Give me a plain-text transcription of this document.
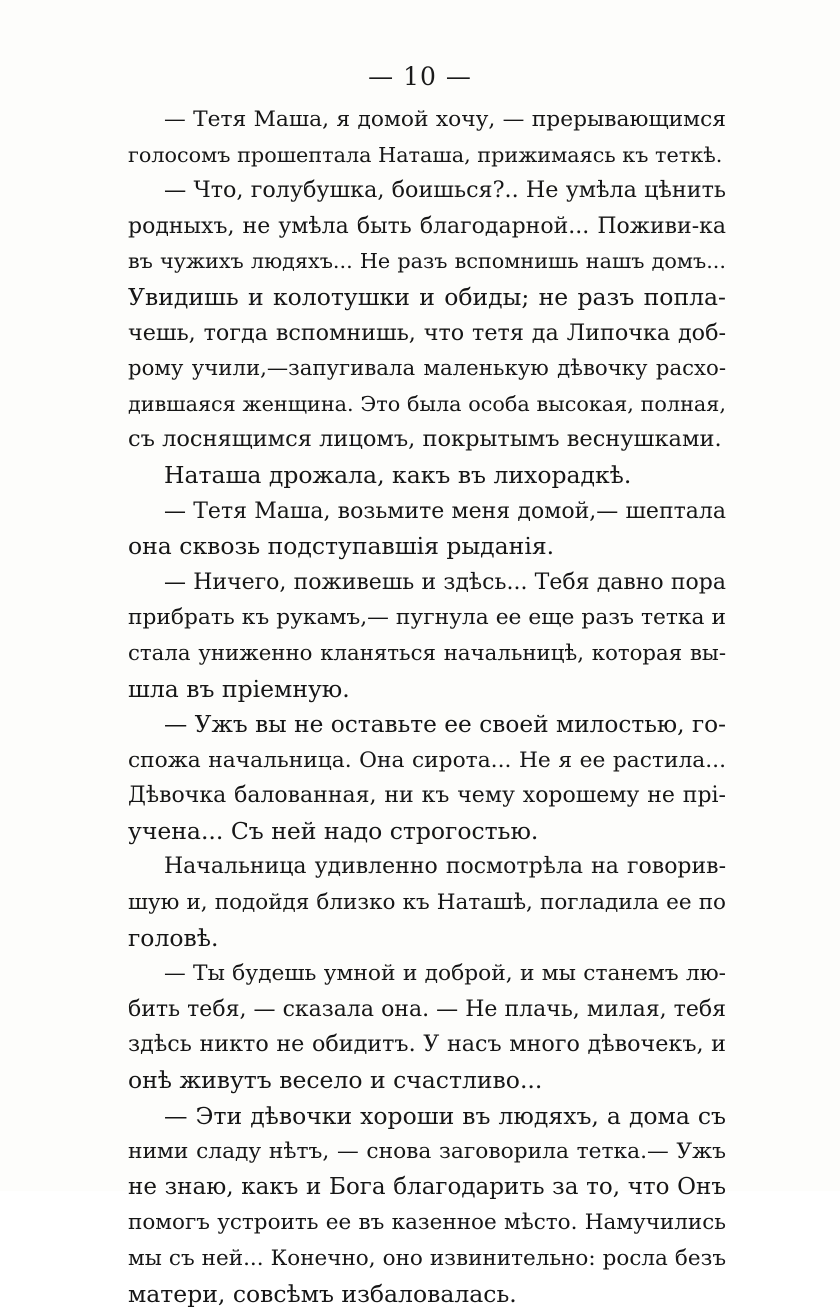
— 10 —
— Тетя Маша, я домой хочу, — прерывающимся
голосомъ прошептала Наташа, прижимаясь къ теткѣ.
— Что, голубушка, боишься?.. Не умѣла цѣнить
родныхъ, не умѣла быть благодарной... Поживи-ка
въ чужихъ людяхъ... Не разъ вспомнишь нашъ домъ...
Увидишь и колотушки и обиды; не разъ попла-
чешь, тогда вспомнишь, что тетя да Липочка доб-
рому учили,—запугивала маленькую дѣвочку расхо-
дившаяся женщина. Это была особа высокая, полная,
съ лоснящимся лицомъ, покрытымъ веснушками.
Наташа дрожала, какъ въ лихорадкѣ.
— Тетя Маша, возьмите меня домой,— шептала
она сквозь подступавшія рыданія.
— Ничего, поживешь и здѣсь... Тебя давно пора
прибрать къ рукамъ,— пугнула ее еще разъ тетка и
стала униженно кланяться начальницѣ, которая вы-
шла въ пріемную.
— Ужъ вы не оставьте ее своей милостью, го-
спожа начальница. Она сирота... Не я ее растила...
Дѣвочка балованная, ни къ чему хорошему не прі-
учена... Съ ней надо строгостью.
Начальница удивленно посмотрѣла на говорив-
шую и, подойдя близко къ Наташѣ, погладила ее по
головѣ.
— Ты будешь умной и доброй, и мы станемъ лю-
бить тебя, — сказала она. — Не плачь, милая, тебя
здѣсь никто не обидитъ. У насъ много дѣвочекъ, и
онѣ живутъ весело и счастливо...
— Эти дѣвочки хороши въ людяхъ, а дома съ
ними сладу нѣтъ, — снова заговорила тетка.— Ужъ
не знаю, какъ и Бога благодарить за то, что Онъ
помогъ устроить ее въ казенное мѣсто. Намучились
мы съ ней... Конечно, оно извинительно: росла безъ
матери, совсѣмъ избаловалась.
